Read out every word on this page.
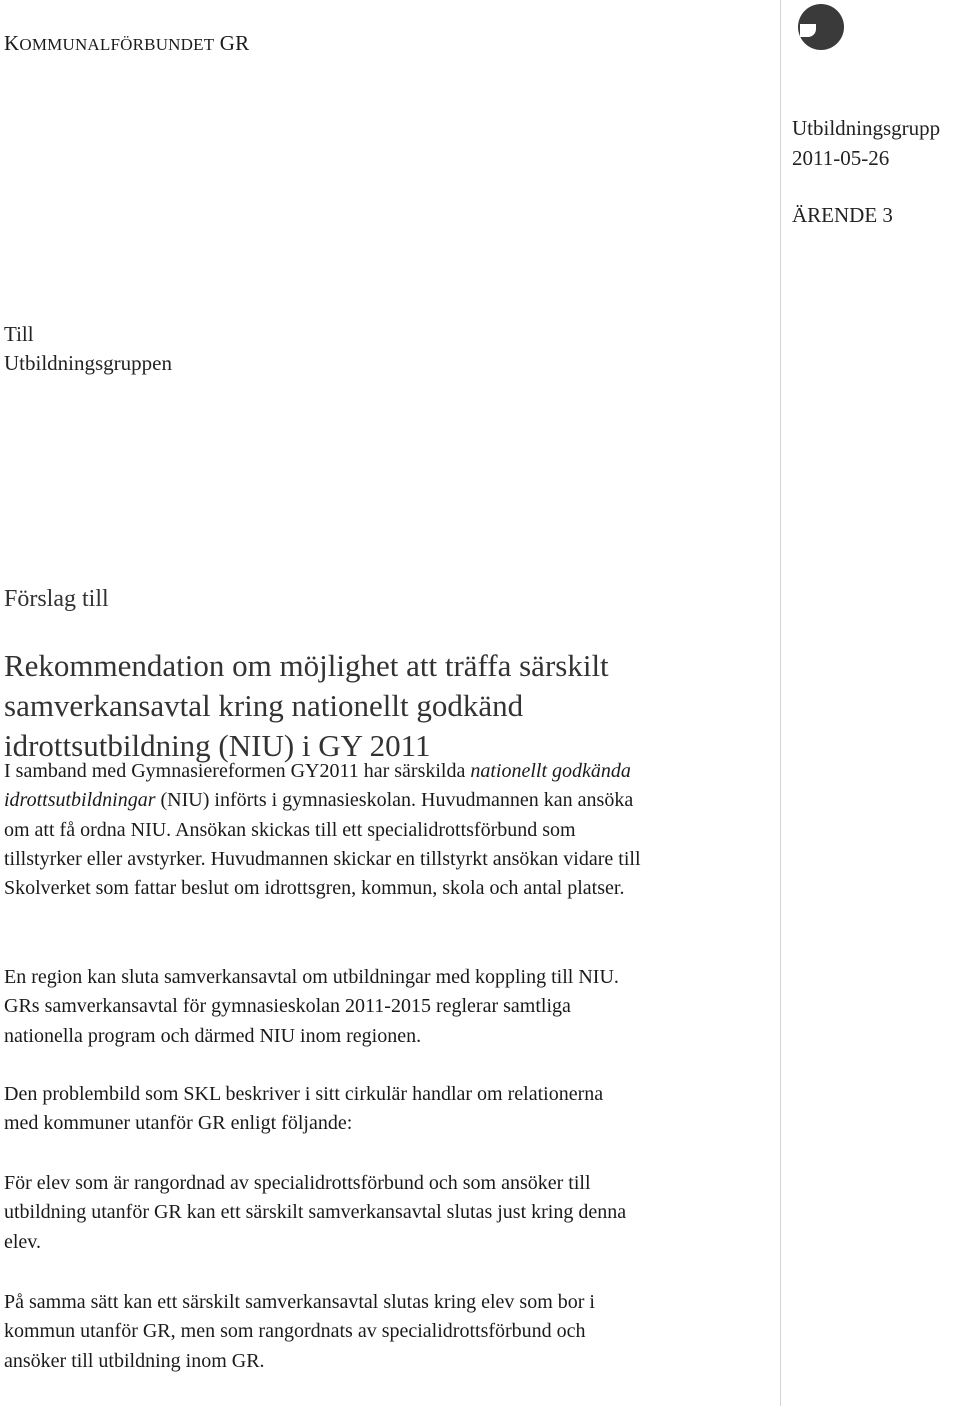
KOMMUNALFÖRBUNDET GR
Utbildningsgrupp
2011-05-26
ÄRENDE 3
Till
Utbildningsgruppen
Förslag till
Rekommendation om möjlighet att träffa särskilt
samverkansavtal kring nationellt godkänd
idrottsutbildning (NIU) i GY 2011
I samband med Gymnasiereformen GY2011 har särskilda nationellt godkända
idrottsutbildningar (NIU) införts i gymnasieskolan. Huvudmannen kan ansöka
om att få ordna NIU. Ansökan skickas till ett specialidrottsförbund som
tillstyrker eller avstyrker. Huvudmannen skickar en tillstyrkt ansökan vidare till
Skolverket som fattar beslut om idrottsgren, kommun, skola och antal platser.
En region kan sluta samverkansavtal om utbildningar med koppling till NIU.
GRs samverkansavtal för gymnasieskolan 2011-2015 reglerar samtliga
nationella program och därmed NIU inom regionen.
Den problembild som SKL beskriver i sitt cirkulär handlar om relationerna
med kommuner utanför GR enligt följande:
För elev som är rangordnad av specialidrottsförbund och som ansöker till
utbildning utanför GR kan ett särskilt samverkansavtal slutas just kring denna
elev.
På samma sätt kan ett särskilt samverkansavtal slutas kring elev som bor i
kommun utanför GR, men som rangordnats av specialidrottsförbund och
ansöker till utbildning inom GR.
